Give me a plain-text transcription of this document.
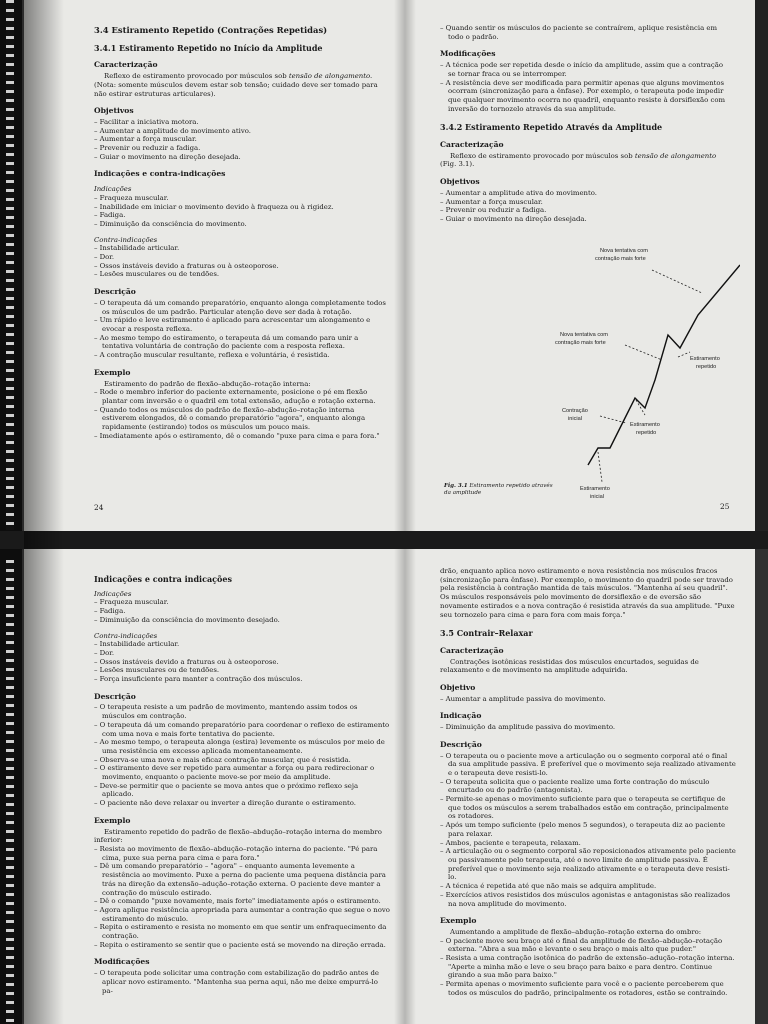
3.4 Estiramento Repetido (Contrações Repetidas)
3.4.1 Estiramento Repetido no Início da Amplitude
Caracterização
Reflexo de estiramento provocado por músculos sob tensão de alongamento.
(Nota: somente músculos devem estar sob tensão; cuidado deve ser tomado para não estirar estruturas articulares).
Objetivos
– Facilitar a iniciativa motora.
– Aumentar a amplitude do movimento ativo.
– Aumentar a força muscular.
– Prevenir ou reduzir a fadiga.
– Guiar o movimento na direção desejada.
Indicações e contra-indicações
Indicações
– Fraqueza muscular.
– Inabilidade em iniciar o movimento devido à fraqueza ou à rigidez.
– Fadiga.
– Diminuição da consciência do movimento.
Contra-indicações
– Instabilidade articular.
– Dor.
– Ossos instáveis devido a fraturas ou à osteoporose.
– Lesões musculares ou de tendões.
Descrição
– O terapeuta dá um comando preparatório, enquanto alonga completamente todos os músculos de um padrão. Particular atenção deve ser dada à rotação.
– Um rápido e leve estiramento é aplicado para acrescentar um alongamento e evocar a resposta reflexa.
– Ao mesmo tempo do estiramento, o terapeuta dá um comando para unir a tentativa voluntária de contração do paciente com a resposta reflexa.
– A contração muscular resultante, reflexa e voluntária, é resistida.
Exemplo
Estiramento do padrão de flexão–abdução–rotação interna:
– Rode o membro inferior do paciente externamente, posicione o pé em flexão plantar com inversão e o quadril em total extensão, adução e rotação externa.
– Quando todos os músculos do padrão de flexão–abdução–rotação interna estiverem elongados, dê o comando preparatório "agora", enquanto alonga rapidamente (estirando) todos os músculos um pouco mais.
– Imediatamente após o estiramento, dê o comando "puxe para cima e para fora."
24
– Quando sentir os músculos do paciente se contraírem, aplique resistência em todo o padrão.
Modificações
– A técnica pode ser repetida desde o início da amplitude, assim que a contração se tornar fraca ou se interromper.
– A resistência deve ser modificada para permitir apenas que alguns movimentos ocorram (sincronização para a ênfase). Por exemplo, o terapeuta pode impedir que qualquer movimento ocorra no quadril, enquanto resiste à dorsiflexão com inversão do tornozelo através da sua amplitude.
3.4.2 Estiramento Repetido Através da Amplitude
Caracterização
Reflexo de estiramento provocado por músculos sob tensão de alongamento (Fig. 3.1).
Objetivos
– Aumentar a amplitude ativa do movimento.
– Aumentar a força muscular.
– Prevenir ou reduzir a fadiga.
– Guiar o movimento na direção desejada.
Nova tentativa com
contração mais forte
Nova tentativa com
contração mais forte
Estiramento
repetido
Estiramento
repetido
Contração
inicial
Estiramento
inicial
Fig. 3.1 Estiramento repetido através da amplitude
25
Indicações e contra indicações
Indicações
– Fraqueza muscular.
– Fadiga.
– Diminuição da consciência do movimento desejado.
Contra-indicações
– Instabilidade articular.
– Dor.
– Ossos instáveis devido a fraturas ou à osteoporose.
– Lesões musculares ou de tendões.
– Força insuficiente para manter a contração dos músculos.
Descrição
– O terapeuta resiste a um padrão de movimento, mantendo assim todos os músculos em contração.
– O terapeuta dá um comando preparatório para coordenar o reflexo de estiramento com uma nova e mais forte tentativa do paciente.
– Ao mesmo tempo, o terapeuta alonga (estira) levemente os músculos por meio de uma resistência em excesso aplicada momentaneamente.
– Observa-se uma nova e mais eficaz contração muscular, que é resistida.
– O estiramento deve ser repetido para aumentar a força ou para redirecionar o movimento, enquanto o paciente move-se por meio da amplitude.
– Deve-se permitir que o paciente se mova antes que o próximo reflexo seja aplicado.
– O paciente não deve relaxar ou inverter a direção durante o estiramento.
Exemplo
Estiramento repetido do padrão de flexão–abdução–rotação interna do membro inferior:
– Resista ao movimento de flexão–abdução–rotação interna do paciente. "Pé para cima, puxe sua perna para cima e para fora."
– Dê um comando preparatório – "agora" – enquanto aumenta levemente a resistência ao movimento. Puxe a perna do paciente uma pequena distância para trás na direção da extensão–adução–rotação externa. O paciente deve manter a contração do músculo estirado.
– Dê o comando "puxe novamente, mais forte" imediatamente após o estiramento.
– Agora aplique resistência apropriada para aumentar a contração que segue o novo estiramento do músculo.
– Repita o estiramento e resista no momento em que sentir um enfraquecimento da contração.
– Repita o estiramento se sentir que o paciente está se movendo na direção errada.
Modificações
– O terapeuta pode solicitar uma contração com estabilização do padrão antes de aplicar novo estiramento. "Mantenha sua perna aqui, não me deixe empurrá-lo pa-
drão, enquanto aplica novo estiramento e nova resistência nos músculos fracos (sincronização para ênfase). Por exemplo, o movimento do quadril pode ser travado pela resistência à contração mantida de tais músculos. "Mantenha aí seu quadril". Os músculos responsáveis pelo movimento de dorsiflexão e de eversão são novamente estirados e a nova contração é resistida através da sua amplitude. "Puxe seu tornozelo para cima e para fora com mais força."
3.5 Contrair–Relaxar
Caracterização
Contrações isotônicas resistidas dos músculos encurtados, seguidas de relaxamento e de movimento na amplitude adquirida.
Objetivo
– Aumentar a amplitude passiva do movimento.
Indicação
– Diminuição da amplitude passiva do movimento.
Descrição
– O terapeuta ou o paciente move a articulação ou o segmento corporal até o final da sua amplitude passiva. É preferível que o movimento seja realizado ativamente e o terapeuta deve resisti-lo.
– O terapeuta solicita que o paciente realize uma forte contração do músculo encurtado ou do padrão (antagonista).
– Permite-se apenas o movimento suficiente para que o terapeuta se certifique de que todos os músculos a serem trabalhados estão em contração, principalmente os rotadores.
– Após um tempo suficiente (pelo menos 5 segundos), o terapeuta diz ao paciente para relaxar.
– Ambos, paciente e terapeuta, relaxam.
– A articulação ou o segmento corporal são reposicionados ativamente pelo paciente ou passivamente pelo terapeuta, até o novo limite de amplitude passiva. É preferível que o movimento seja realizado ativamente e o terapeuta deve resisti-lo.
– A técnica é repetida até que não mais se adquira amplitude.
– Exercícios ativos resistidos dos músculos agonistas e antagonistas são realizados na nova amplitude do movimento.
Exemplo
Aumentando a amplitude de flexão–abdução–rotação externa do ombro:
– O paciente move seu braço até o final da amplitude de flexão–abdução–rotação externa. "Abra a sua mão e levante o seu braço o mais alto que puder."
– Resista a uma contração isotônica do padrão de extensão–adução–rotação interna. "Aperte a minha mão e leve o seu braço para baixo e para dentro. Continue girando a sua mão para baixo."
– Permita apenas o movimento suficiente para você e o paciente perceberem que todos os músculos do padrão, principalmente os rotadores, estão se contraindo.
